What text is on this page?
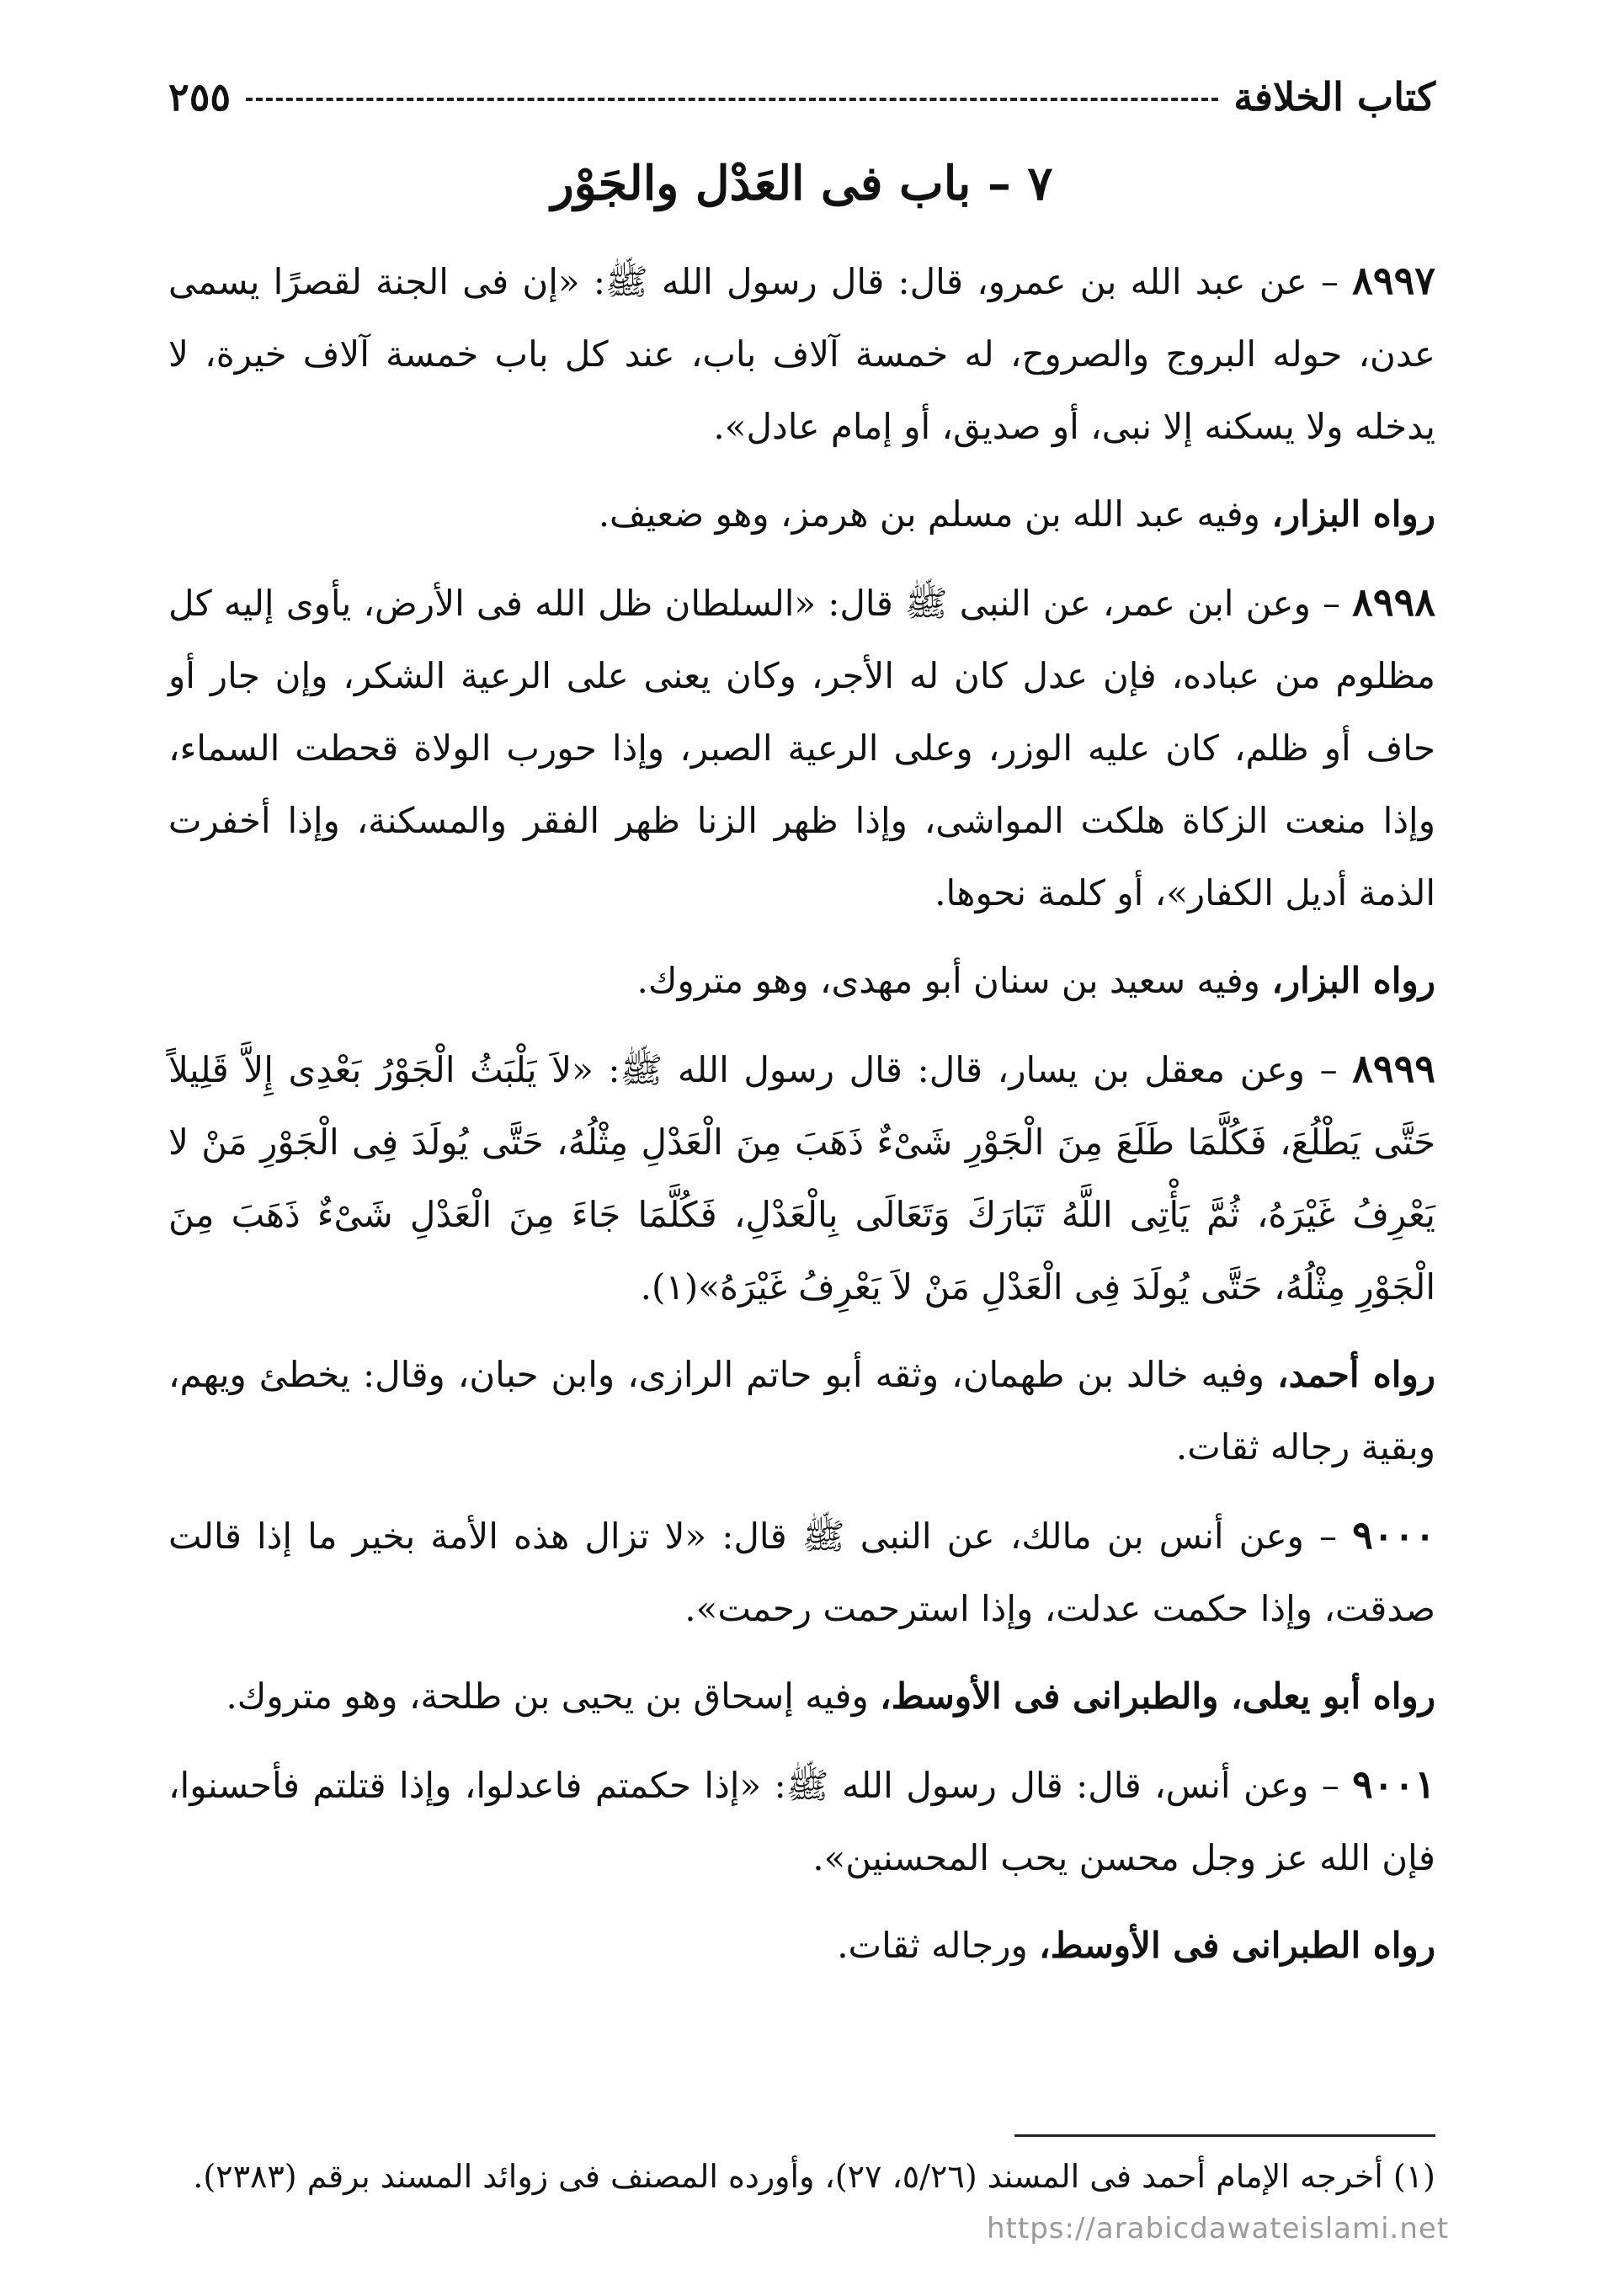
كتاب الخلافة
٢٥٥
٧ – باب فى العَدْل والجَوْر

٨٩٩٧ – عن عبد الله بن عمرو، قال: قال رسول الله ﷺ: «إن فى الجنة لقصرًا يسمى عدن، حوله البروج والصروح، له خمسة آلاف باب، عند كل باب خمسة آلاف خيرة، لا يدخله ولا يسكنه إلا نبى، أو صديق، أو إمام عادل».

رواه البزار، وفيه عبد الله بن مسلم بن هرمز، وهو ضعيف.

٨٩٩٨ – وعن ابن عمر، عن النبى ﷺ قال: «السلطان ظل الله فى الأرض، يأوى إليه كل مظلوم من عباده، فإن عدل كان له الأجر، وكان يعنى على الرعية الشكر، وإن جار أو حاف أو ظلم، كان عليه الوزر، وعلى الرعية الصبر، وإذا حورب الولاة قحطت السماء، وإذا منعت الزكاة هلكت المواشى، وإذا ظهر الزنا ظهر الفقر والمسكنة، وإذا أخفرت الذمة أديل الكفار»، أو كلمة نحوها.

رواه البزار، وفيه سعيد بن سنان أبو مهدى، وهو متروك.

٨٩٩٩ – وعن معقل بن يسار، قال: قال رسول الله ﷺ: «لاَ يَلْبَثُ الْجَوْرُ بَعْدِى إِلاَّ قَلِيلاً حَتَّى يَطْلُعَ، فَكُلَّمَا طَلَعَ مِنَ الْجَوْرِ شَىْءٌ ذَهَبَ مِنَ الْعَدْلِ مِثْلُهُ، حَتَّى يُولَدَ فِى الْجَوْرِ مَنْ لا يَعْرِفُ غَيْرَهُ، ثُمَّ يَأْتِى اللَّهُ تَبَارَكَ وَتَعَالَى بِالْعَدْلِ، فَكُلَّمَا جَاءَ مِنَ الْعَدْلِ شَىْءٌ ذَهَبَ مِنَ الْجَوْرِ مِثْلُهُ، حَتَّى يُولَدَ فِى الْعَدْلِ مَنْ لاَ يَعْرِفُ غَيْرَهُ»(١).

رواه أحمد، وفيه خالد بن طهمان، وثقه أبو حاتم الرازى، وابن حبان، وقال: يخطئ ويهم، وبقية رجاله ثقات.

٩٠٠٠ – وعن أنس بن مالك، عن النبى ﷺ قال: «لا تزال هذه الأمة بخير ما إذا قالت صدقت، وإذا حكمت عدلت، وإذا استرحمت رحمت».

رواه أبو يعلى، والطبرانى فى الأوسط، وفيه إسحاق بن يحيى بن طلحة، وهو متروك.

٩٠٠١ – وعن أنس، قال: قال رسول الله ﷺ: «إذا حكمتم فاعدلوا، وإذا قتلتم فأحسنوا، فإن الله عز وجل محسن يحب المحسنين».

رواه الطبرانى فى الأوسط، ورجاله ثقات.

(١) أخرجه الإمام أحمد فى المسند (٥/٢٦، ٢٧)، وأورده المصنف فى زوائد المسند برقم (٢٣٨٣).
https://arabicdawateislami.net
